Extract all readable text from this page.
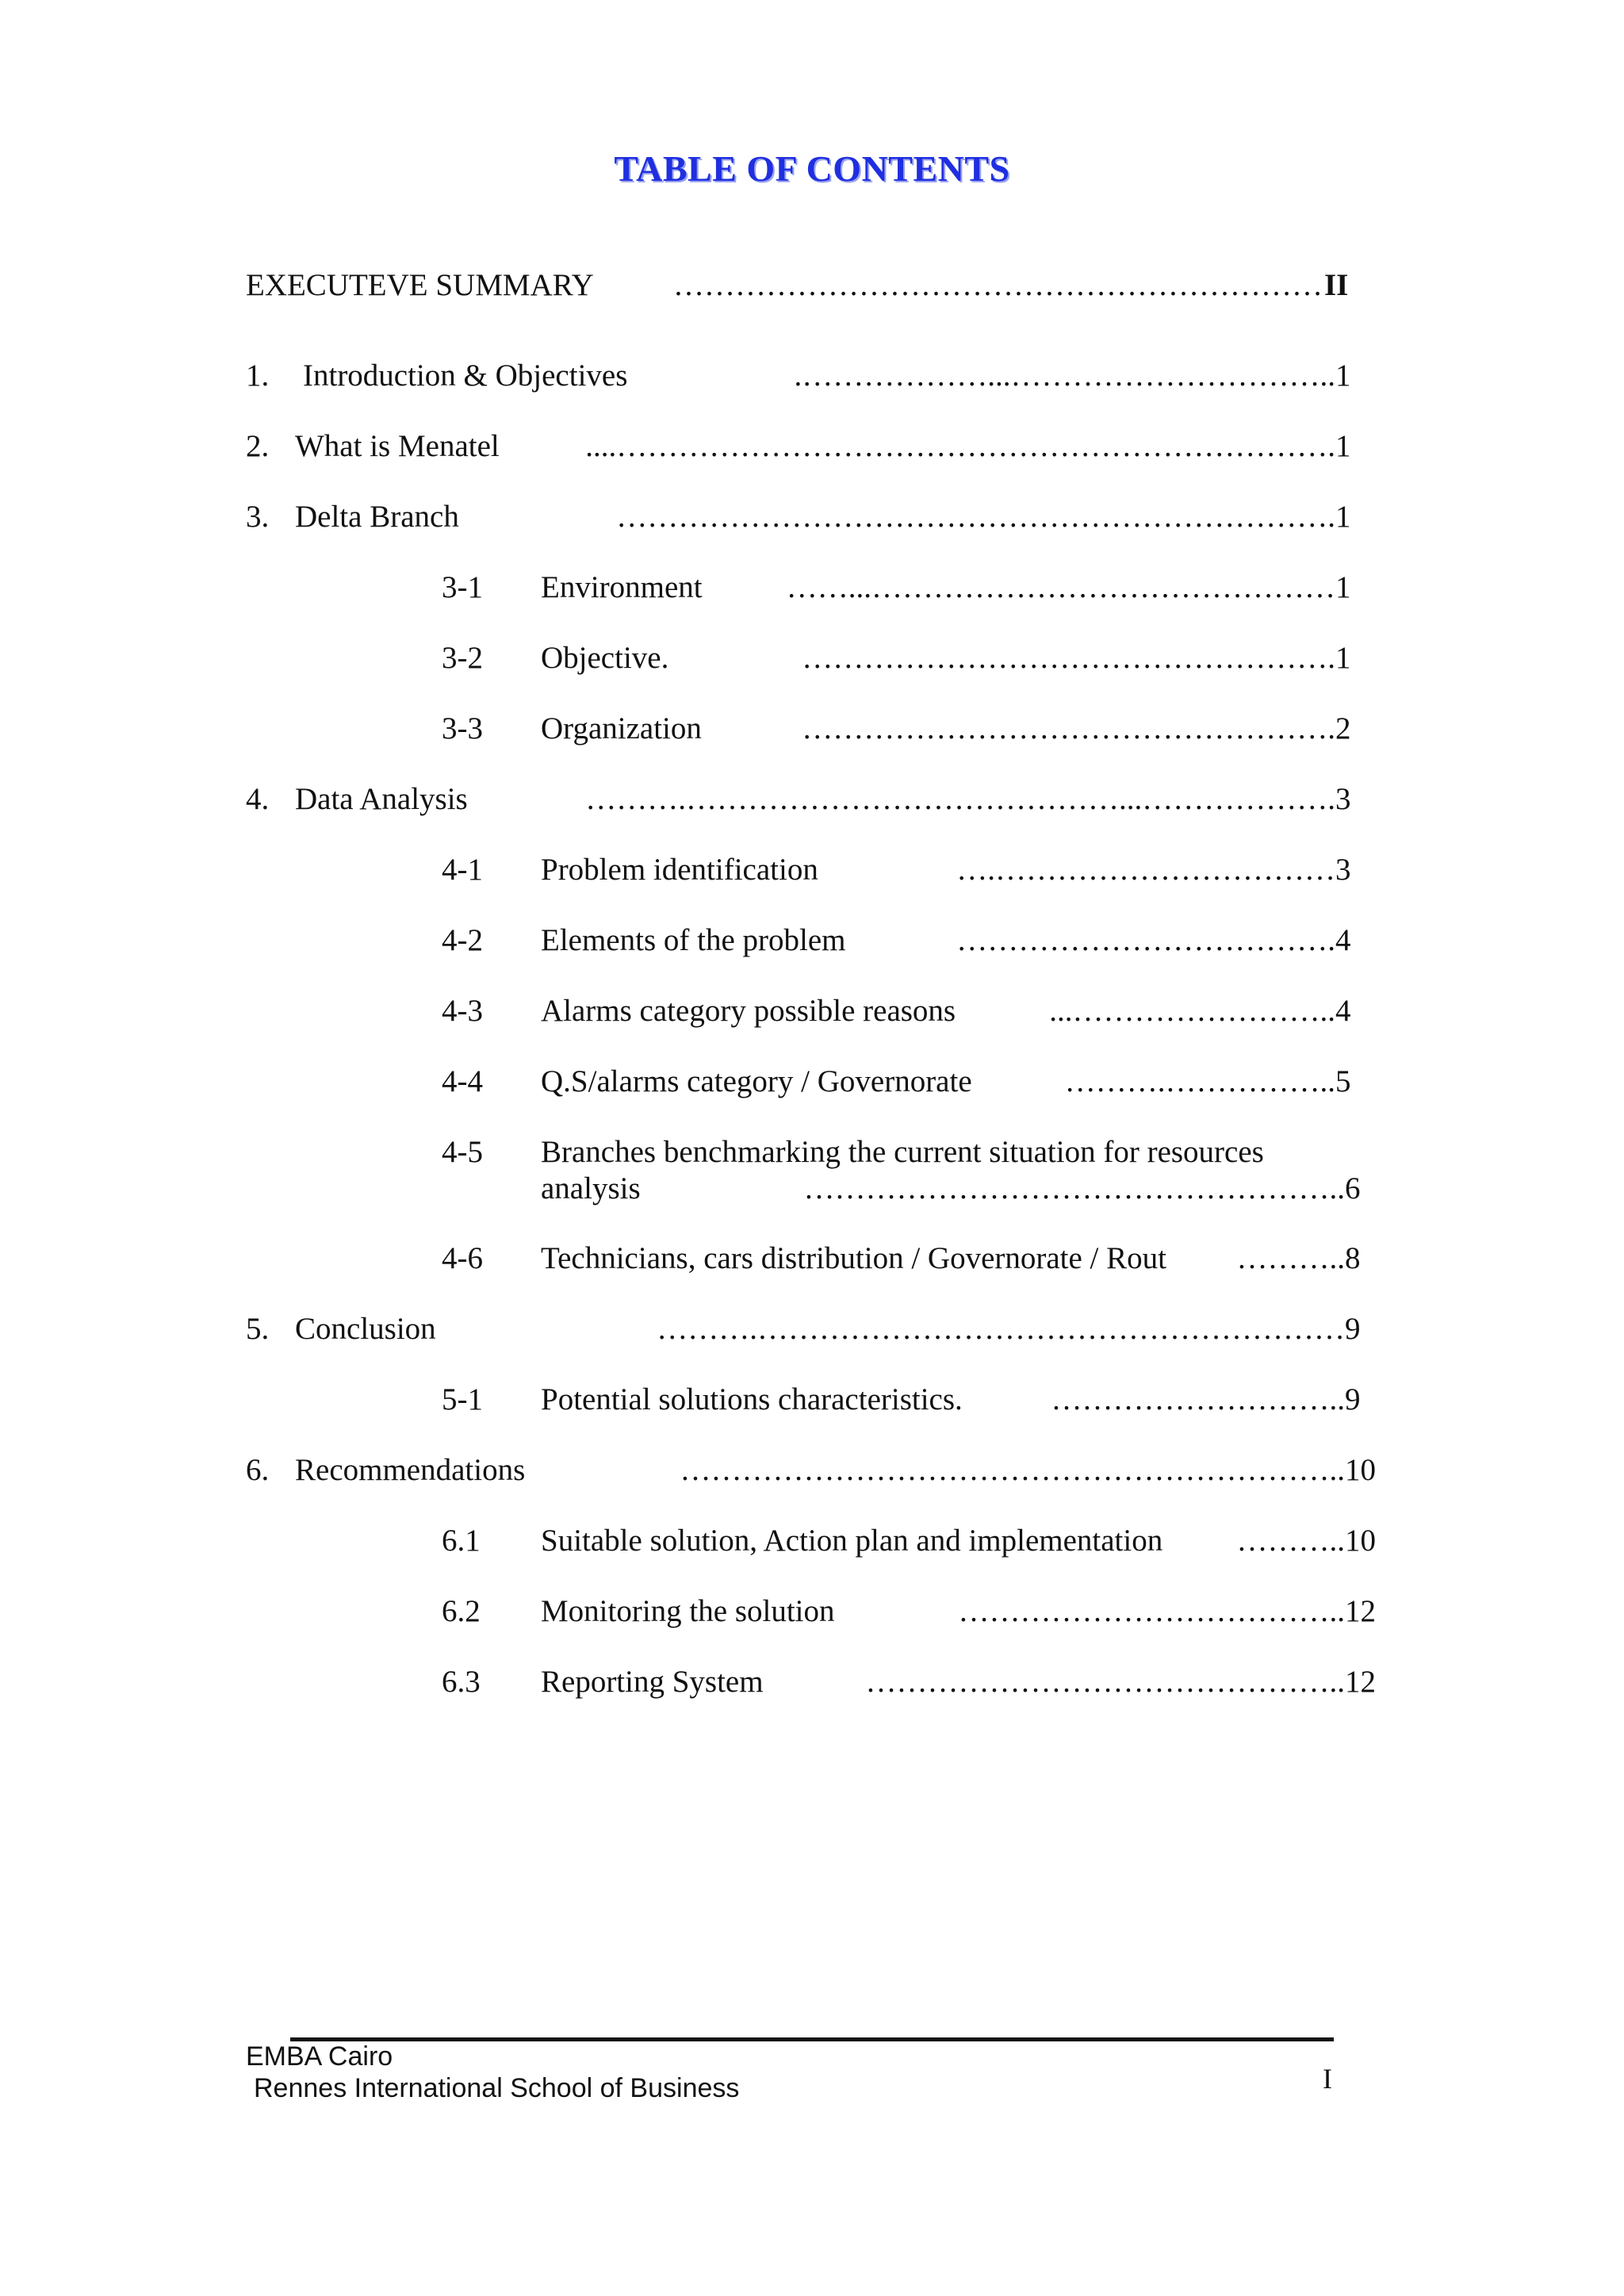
TABLE OF CONTENTS
EXECUTEVE SUMMARY	……………………………………………………… II
1. Introduction & Objectives	.………………...………………………….. 1
2. What is Menatel	....……………………………………………………………. 1
3. Delta Branch	……………………………………………………………. 1
3-1 Environment	……...……………………………………… 1
3-2 Objective.	……………………………………………. 1
3-3 Organization	……………………………………………. 2
4. Data Analysis	……….……………………………………...………………. 3
4-1 Problem identification	….…………………………… 3
4-2 Elements of the problem	………………………………. 4
4-3 Alarms category possible reasons	...…………………….. 4
4-4 Q.S/alarms category / Governorate	……….…………….. 5
4-5 Branches benchmarking the current situation for resources
analysis	…………………………………………….. 6
4-6 Technicians, cars distribution / Governorate / Rout ……….. 8
5. Conclusion	……….………………………………………………… 9
5-1 Potential solutions characteristics.	……………………….. 9
6. Recommendations	……………………………………………………….. 10
6.1 Suitable solution, Action plan and implementation ……….. 10
6.2 Monitoring the solution	……………………………….. 12
6.3 Reporting System	……………………………………….. 12
EMBA Cairo
Rennes International School of Business	I
